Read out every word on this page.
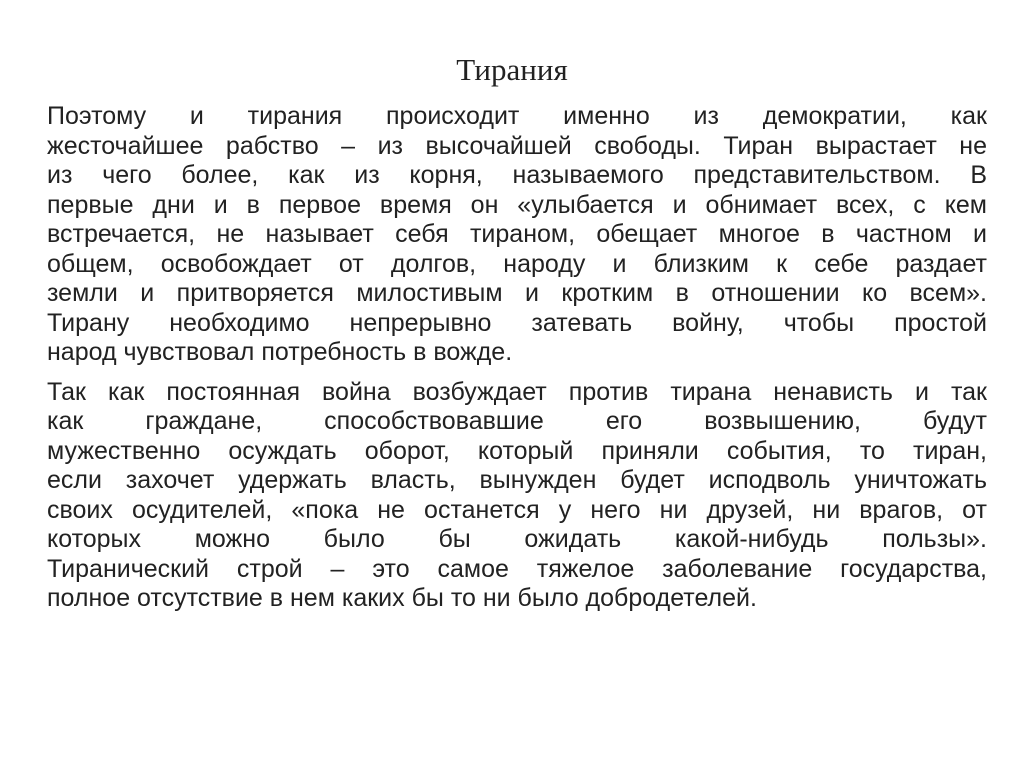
Тирания
Поэтому и тирания происходит именно из демократии, как
жесточайшее рабство – из высочайшей свободы. Тиран вырастает не
из чего более, как из корня, называемого представительством. В
первые дни и в первое время он «улыбается и обнимает всех, с кем
встречается, не называет себя тираном, обещает многое в частном и
общем, освобождает от долгов, народу и близким к себе раздает
земли и притворяется милостивым и кротким в отношении ко всем».
Тирану необходимо непрерывно затевать войну, чтобы простой
народ чувствовал потребность в вожде.
Так как постоянная война возбуждает против тирана ненависть и так
как граждане, способствовавшие его возвышению, будут
мужественно осуждать оборот, который приняли события, то тиран,
если захочет удержать власть, вынужден будет исподволь уничтожать
своих осудителей, «пока не останется у него ни друзей, ни врагов, от
которых можно было бы ожидать какой-нибудь пользы».
Тиранический строй – это самое тяжелое заболевание государства,
полное отсутствие в нем каких бы то ни было добродетелей.
